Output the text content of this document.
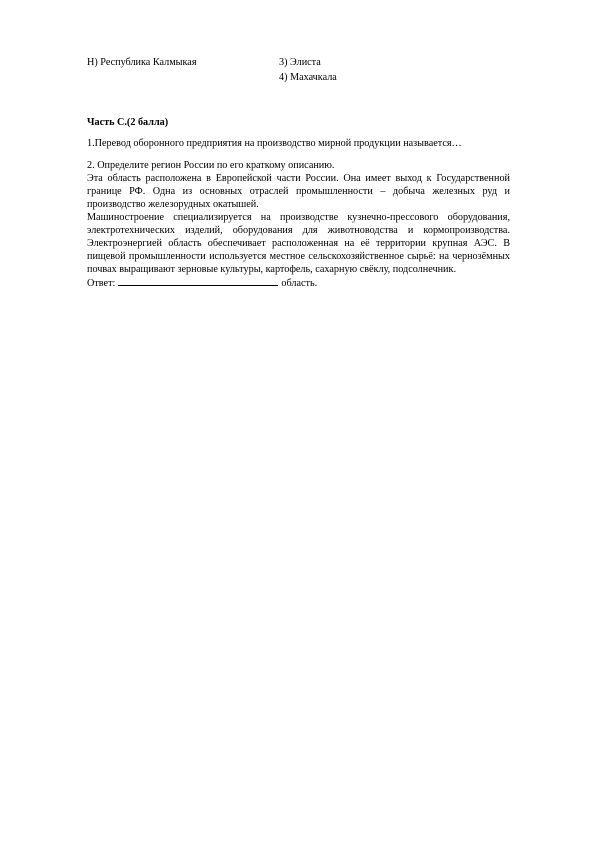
Н) Республика Калмыкая	3) Элиста
4) Махачкала
Часть С.(2 балла)
1.Перевод оборонного предприятия на производство мирной продукции называется…
2. Определите регион России по его краткому описанию.

Эта область расположена в Европейской части России. Она имеет выход к Государственной границе РФ. Одна из основных отраслей промышленности – добыча железных руд и производство железорудных окатышей.

Машиностроение специализируется на производстве кузнечно-прессового оборудования, электротехнических изделий, оборудования для животноводства и кормопроизводства. Электроэнергией область обеспечивает расположенная на её территории крупная АЭС. В пищевой промышленности используется местное сельскохозяйственное сырьё: на чернозёмных почвах выращивают зерновые культуры, картофель, сахарную свёклу, подсолнечник.

Ответ:	область.
